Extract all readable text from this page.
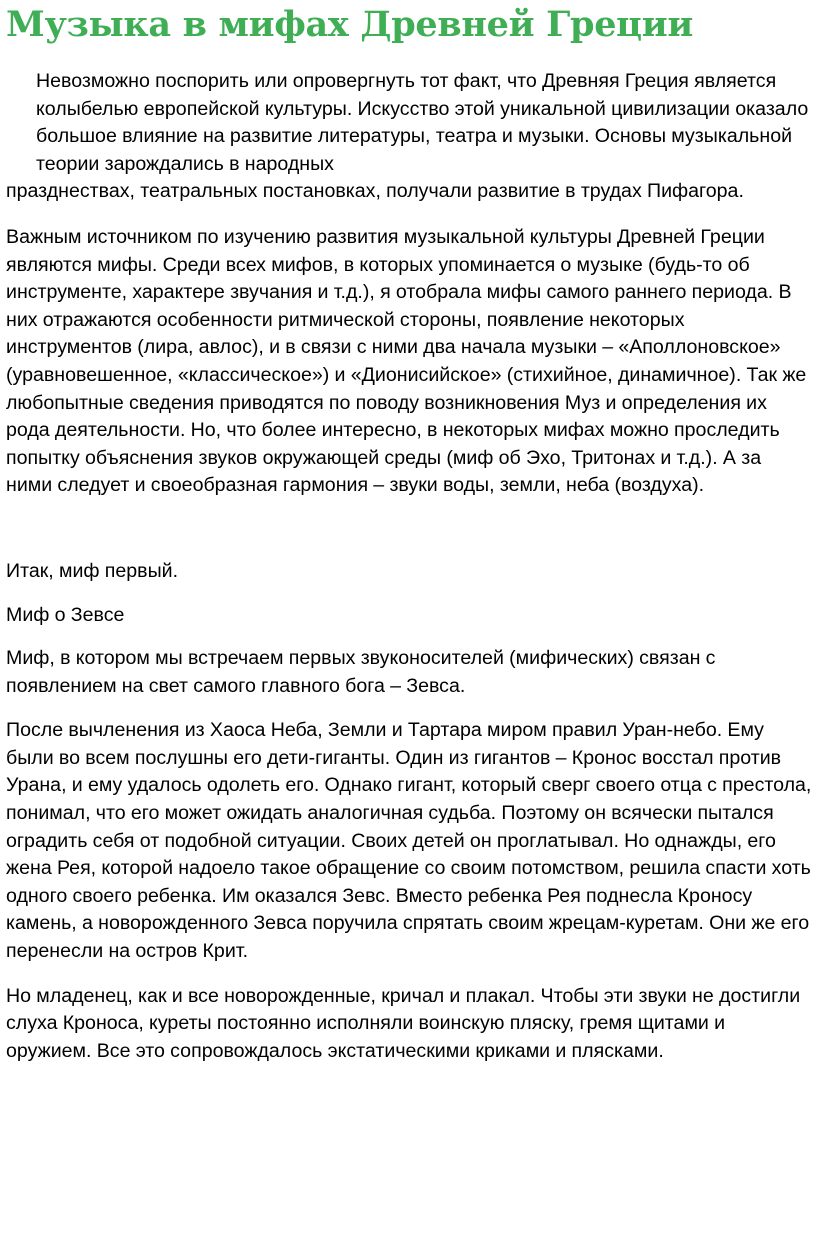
Музыка в мифах Древней Греции

Невозможно поспорить или опровергнуть тот факт, что Древняя Греция является колыбелью европейской культуры. Искусство этой уникальной цивилизации оказало большое влияние на развитие литературы, театра и музыки. Основы музыкальной теории зарождались в народных
празднествах, театральных постановках, получали развитие в трудах Пифагора.

Важным источником по изучению развития музыкальной культуры Древней Греции являются мифы. Среди всех мифов, в которых упоминается о музыке (будь-то об инструменте, характере звучания и т.д.), я отобрала мифы самого раннего периода. В них отражаются особенности ритмической стороны, появление некоторых инструментов (лира, авлос), и в связи с ними два начала музыки – «Аполлоновское» (уравновешенное, «классическое») и «Дионисийское» (стихийное, динамичное). Так же любопытные сведения приводятся по поводу возникновения Муз и определения их рода деятельности. Но, что более интересно, в некоторых мифах можно проследить попытку объяснения звуков окружающей среды (миф об Эхо, Тритонах и т.д.). А за ними следует и своеобразная гармония – звуки воды, земли, неба (воздуха).

Итак, миф первый.

Миф о Зевсе

Миф, в котором мы встречаем первых звуконосителей (мифических) связан с появлением на свет самого главного бога – Зевса.

После вычленения из Хаоса Неба, Земли и Тартара миром правил Уран-небо. Ему были во всем послушны его дети-гиганты. Один из гигантов – Кронос восстал против Урана, и ему удалось одолеть его. Однако гигант, который сверг своего отца с престола, понимал, что его может ожидать аналогичная судьба. Поэтому он всячески пытался оградить себя от подобной ситуации. Своих детей он проглатывал. Но однажды, его жена Рея, которой надоело такое обращение со своим потомством, решила спасти хоть одного своего ребенка. Им оказался Зевс. Вместо ребенка Рея поднесла Кроносу камень, а новорожденного Зевса поручила спрятать своим жрецам-куретам. Они же его перенесли на остров Крит.

Но младенец, как и все новорожденные, кричал и плакал. Чтобы эти звуки не достигли слуха Кроноса, куреты постоянно исполняли воинскую пляску, гремя щитами и оружием. Все это сопровождалось экстатическими криками и плясками.
